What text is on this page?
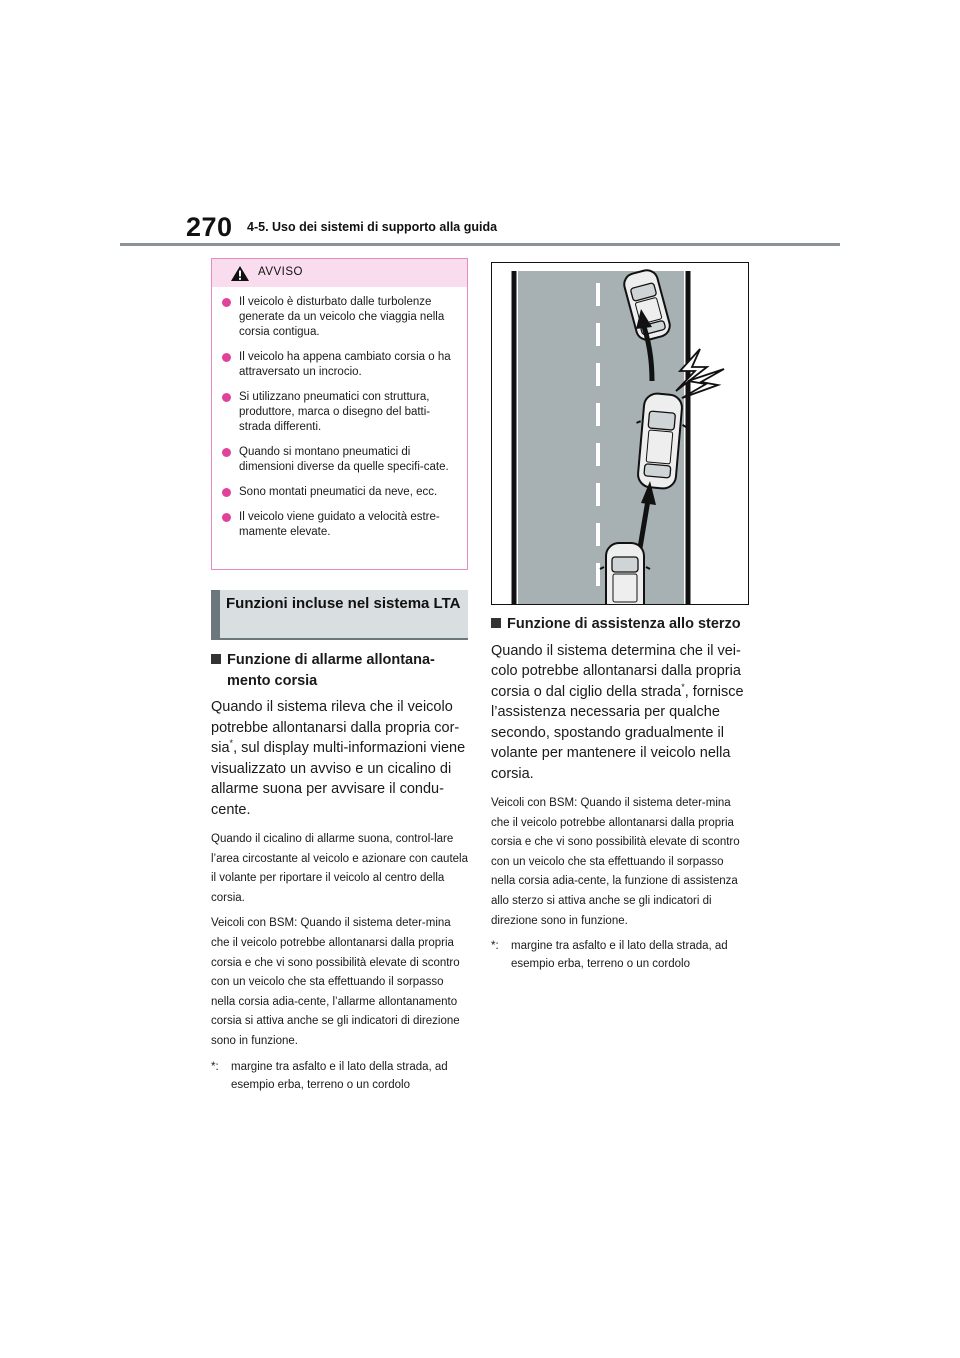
270 4-5. Uso dei sistemi di supporto alla guida
AVVISO
Il veicolo è disturbato dalle turbolenze generate da un veicolo che viaggia nella corsia contigua.
Il veicolo ha appena cambiato corsia o ha attraversato un incrocio.
Si utilizzano pneumatici con struttura, produttore, marca o disegno del batti-strada differenti.
Quando si montano pneumatici di dimensioni diverse da quelle specifi-cate.
Sono montati pneumatici da neve, ecc.
Il veicolo viene guidato a velocità estre-mamente elevate.
Funzioni incluse nel sistema LTA
Funzione di allarme allontana-mento corsia
Quando il sistema rileva che il veicolo potrebbe allontanarsi dalla propria cor-sia*, sul display multi-informazioni viene visualizzato un avviso e un cicalino di allarme suona per avvisare il condu-cente.
Quando il cicalino di allarme suona, control-lare l’area circostante al veicolo e azionare con cautela il volante per riportare il veicolo al centro della corsia.
Veicoli con BSM: Quando il sistema deter-mina che il veicolo potrebbe allontanarsi dalla propria corsia e che vi sono possibilità elevate di scontro con un veicolo che sta effettuando il sorpasso nella corsia adia-cente, l’allarme allontanamento corsia si attiva anche se gli indicatori di direzione sono in funzione.
*: margine tra asfalto e il lato della strada, ad esempio erba, terreno o un cordolo
Funzione di assistenza allo sterzo
Quando il sistema determina che il vei-colo potrebbe allontanarsi dalla propria corsia o dal ciglio della strada*, fornisce l’assistenza necessaria per qualche secondo, spostando gradualmente il volante per mantenere il veicolo nella corsia.
Veicoli con BSM: Quando il sistema deter-mina che il veicolo potrebbe allontanarsi dalla propria corsia e che vi sono possibilità elevate di scontro con un veicolo che sta effettuando il sorpasso nella corsia adia-cente, la funzione di assistenza allo sterzo si attiva anche se gli indicatori di direzione sono in funzione.
*: margine tra asfalto e il lato della strada, ad esempio erba, terreno o un cordolo
